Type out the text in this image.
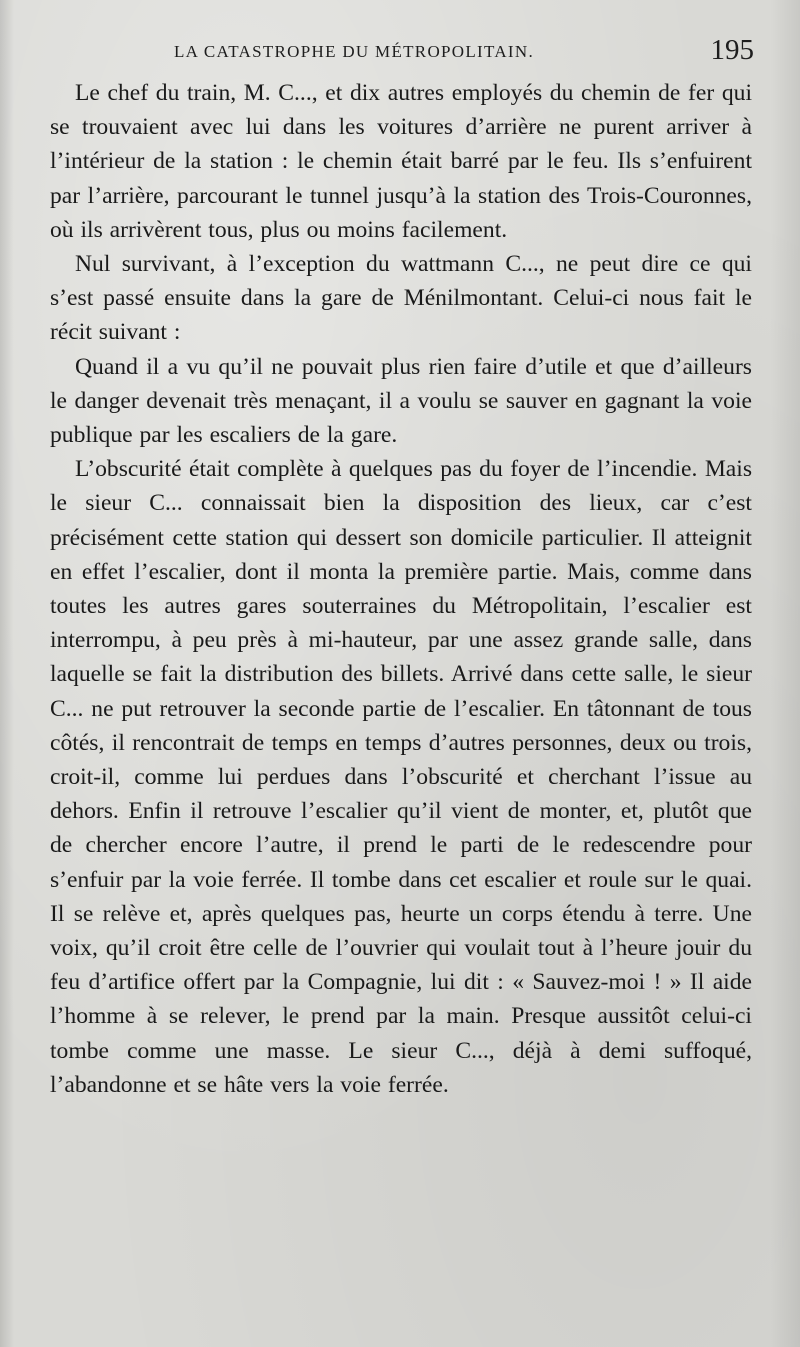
LA CATASTROPHE DU MÉTROPOLITAIN.	195

Le chef du train, M. C..., et dix autres employés du chemin de fer qui se trouvaient avec lui dans les voitures d’arrière ne purent arriver à l’intérieur de la station : le chemin était barré par le feu. Ils s’enfuirent par l’arrière, parcourant le tunnel jusqu’à la station des Trois-Couronnes, où ils arrivèrent tous, plus ou moins facilement.

Nul survivant, à l’exception du wattmann C..., ne peut dire ce qui s’est passé ensuite dans la gare de Ménilmontant. Celui-ci nous fait le récit suivant :

Quand il a vu qu’il ne pouvait plus rien faire d’utile et que d’ailleurs le danger devenait très menaçant, il a voulu se sauver en gagnant la voie publique par les escaliers de la gare.

L’obscurité était complète à quelques pas du foyer de l’incendie. Mais le sieur C... connaissait bien la disposition des lieux, car c’est précisément cette station qui dessert son domicile particulier. Il atteignit en effet l’escalier, dont il monta la première partie. Mais, comme dans toutes les autres gares souterraines du Métropolitain, l’escalier est interrompu, à peu près à mi-hauteur, par une assez grande salle, dans laquelle se fait la distribution des billets. Arrivé dans cette salle, le sieur C... ne put retrouver la seconde partie de l’escalier. En tâtonnant de tous côtés, il rencontrait de temps en temps d’autres personnes, deux ou trois, croit-il, comme lui perdues dans l’obscurité et cherchant l’issue au dehors. Enfin il retrouve l’escalier qu’il vient de monter, et, plutôt que de chercher encore l’autre, il prend le parti de le redescendre pour s’enfuir par la voie ferrée. Il tombe dans cet escalier et roule sur le quai. Il se relève et, après quelques pas, heurte un corps étendu à terre. Une voix, qu’il croit être celle de l’ouvrier qui voulait tout à l’heure jouir du feu d’artifice offert par la Compagnie, lui dit : « Sauvez-moi ! » Il aide l’homme à se relever, le prend par la main. Presque aussitôt celui-ci tombe comme une masse. Le sieur C..., déjà à demi suffoqué, l’abandonne et se hâte vers la voie ferrée.
